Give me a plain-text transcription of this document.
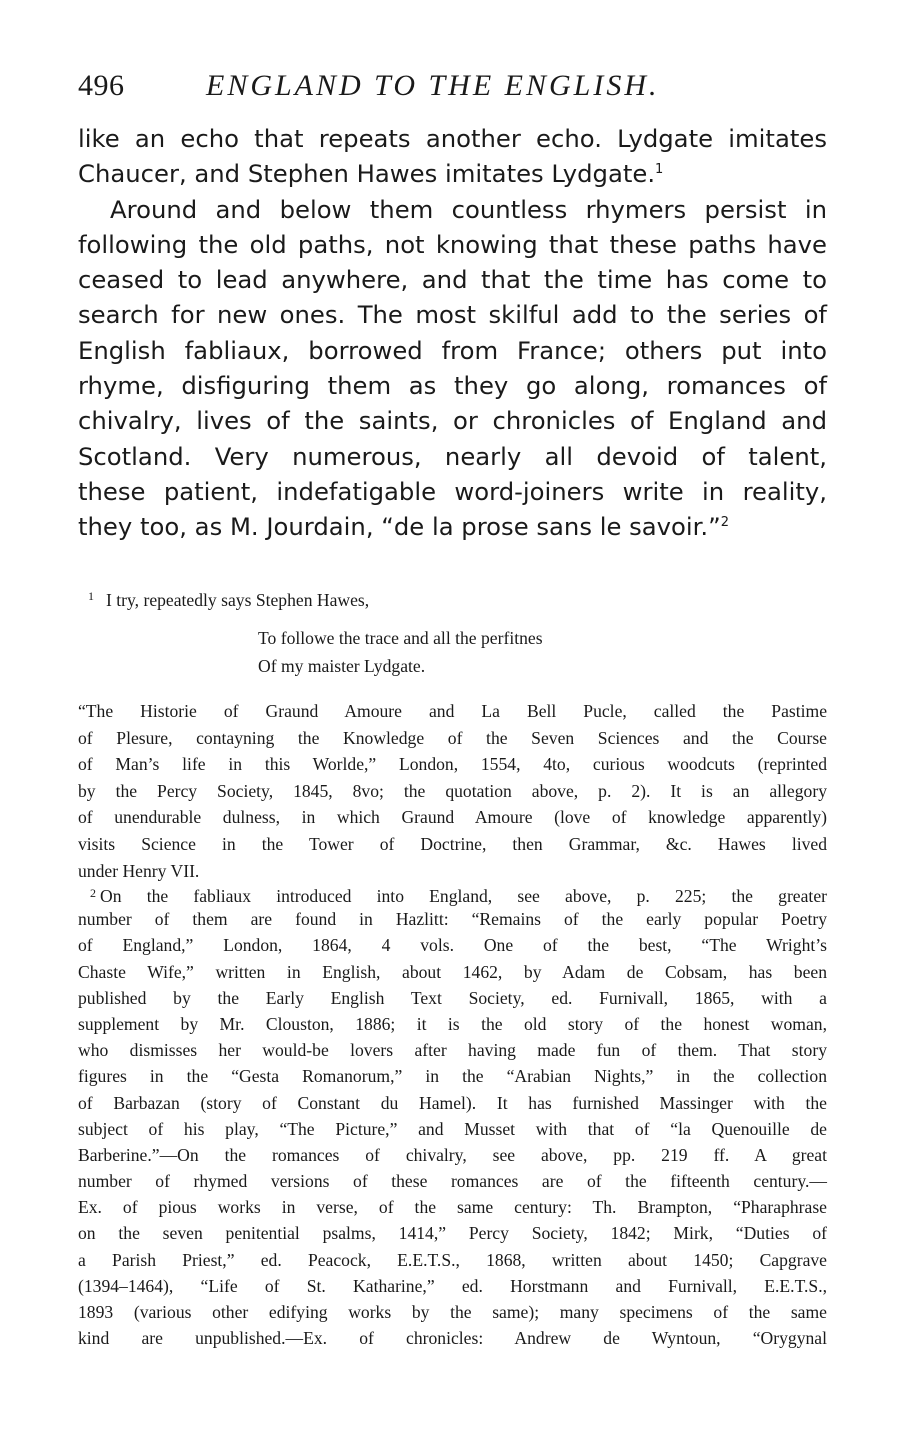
496	ENGLAND TO THE ENGLISH.
like an echo that repeats another echo. Lydgate imitates
Chaucer, and Stephen Hawes imitates Lydgate.$^1$
Around and below them countless rhymers persist in
following the old paths, not knowing that these paths have
ceased to lead anywhere, and that the time has come to
search for new ones. The most skilful add to the series of
English fabliaux, borrowed from France; others put into
rhyme, disfiguring them as they go along, romances of
chivalry, lives of the saints, or chronicles of England and
Scotland. Very numerous, nearly all devoid of talent,
these patient, indefatigable word-joiners write in reality,
they too, as M. Jourdain, “de la prose sans le savoir.”$^2$
1 I try, repeatedly says Stephen Hawes,
To followe the trace and all the perfitnes
Of my maister Lydgate.
“The Historie of Graund Amoure and La Bell Pucle, called the Pastime
of Plesure, contayning the Knowledge of the Seven Sciences and the Course
of Man’s life in this Worlde,” London, 1554, 4to, curious woodcuts (reprinted
by the Percy Society, 1845, 8vo; the quotation above, p. 2). It is an allegory
of unendurable dulness, in which Graund Amoure (love of knowledge apparently)
visits Science in the Tower of Doctrine, then Grammar, &c. Hawes lived
under Henry VII.
$^2$ On the fabliaux introduced into England, see above, p. 225; the greater
number of them are found in Hazlitt: “Remains of the early popular Poetry
of England,” London, 1864, 4 vols. One of the best, “The Wright’s
Chaste Wife,” written in English, about 1462, by Adam de Cobsam, has been
published by the Early English Text Society, ed. Furnivall, 1865, with a
supplement by Mr. Clouston, 1886; it is the old story of the honest woman,
who dismisses her would-be lovers after having made fun of them. That story
figures in the “Gesta Romanorum,” in the “Arabian Nights,” in the collection
of Barbazan (story of Constant du Hamel). It has furnished Massinger with the
subject of his play, “The Picture,” and Musset with that of “la Quenouille de
Barberine.”—On the romances of chivalry, see above, pp. 219 ff. A great
number of rhymed versions of these romances are of the fifteenth century.—
Ex. of pious works in verse, of the same century: Th. Brampton, “Pharaphrase
on the seven penitential psalms, 1414,” Percy Society, 1842; Mirk, “Duties of
a Parish Priest,” ed. Peacock, E.E.T.S., 1868, written about 1450; Capgrave
(1394–1464), “Life of St. Katharine,” ed. Horstmann and Furnivall, E.E.T.S.,
1893 (various other edifying works by the same); many specimens of the same
kind are unpublished.—Ex. of chronicles: Andrew de Wyntoun, “Orygynal
